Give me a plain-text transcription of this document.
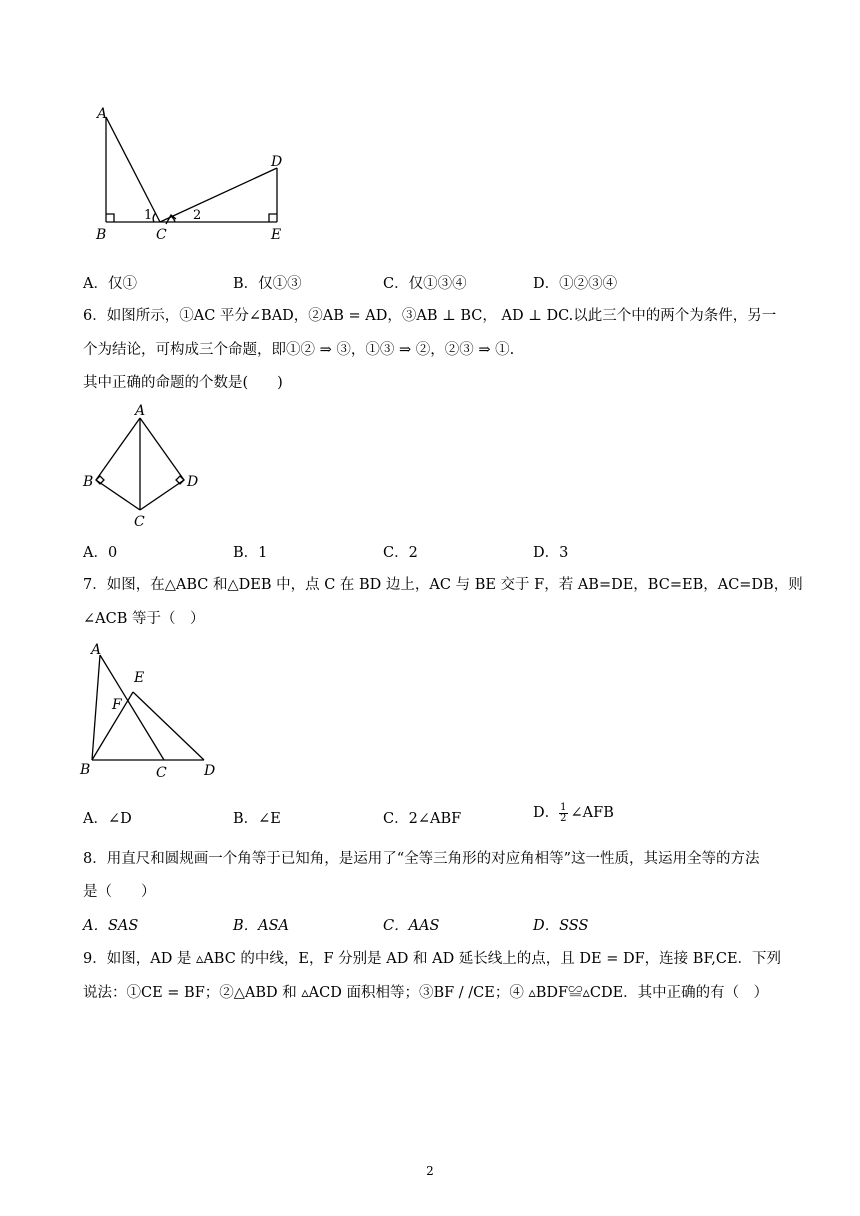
A
B	C
D
E
1	2
A．仅①	B．仅①③	C．仅①③④	D．①②③④
6．如图所示，①AC 平分∠BAD，②AB = AD，③AB ⊥ BC， AD ⊥ DC.以此三个中的两个为条件，另一
个为结论，可构成三个命题，即①② ⇒ ③，①③ ⇒ ②，②③ ⇒ ①.
其中正确的命题的个数是(　　)
A
B
C
D
A．0	B．1	C．2	D．3
7．如图，在△ABC 和△DEB 中，点 C 在 BD 边上，AC 与 BE 交于 F，若 AB=DE，BC=EB，AC=DB，则
∠ACB 等于（　）
A
E
F
B	C	D
A．∠D	B．∠E	C．2∠ABF	D． $\frac{1}{2}$ ∠AFB
8．用直尺和圆规画一个角等于已知角，是运用了“全等三角形的对应角相等”这一性质，其运用全等的方法
是（　　）
A．SAS	B．ASA	C．AAS	D．SSS
9．如图，AD 是 ▵ABC 的中线，E，F 分别是 AD 和 AD 延长线上的点，且 DE = DF，连接 BF,CE．下列
说法：①CE = BF；②△ABD 和 ▵ACD 面积相等；③BF / /CE；④ ▵BDF≌▵CDE．其中正确的有（　）
2
